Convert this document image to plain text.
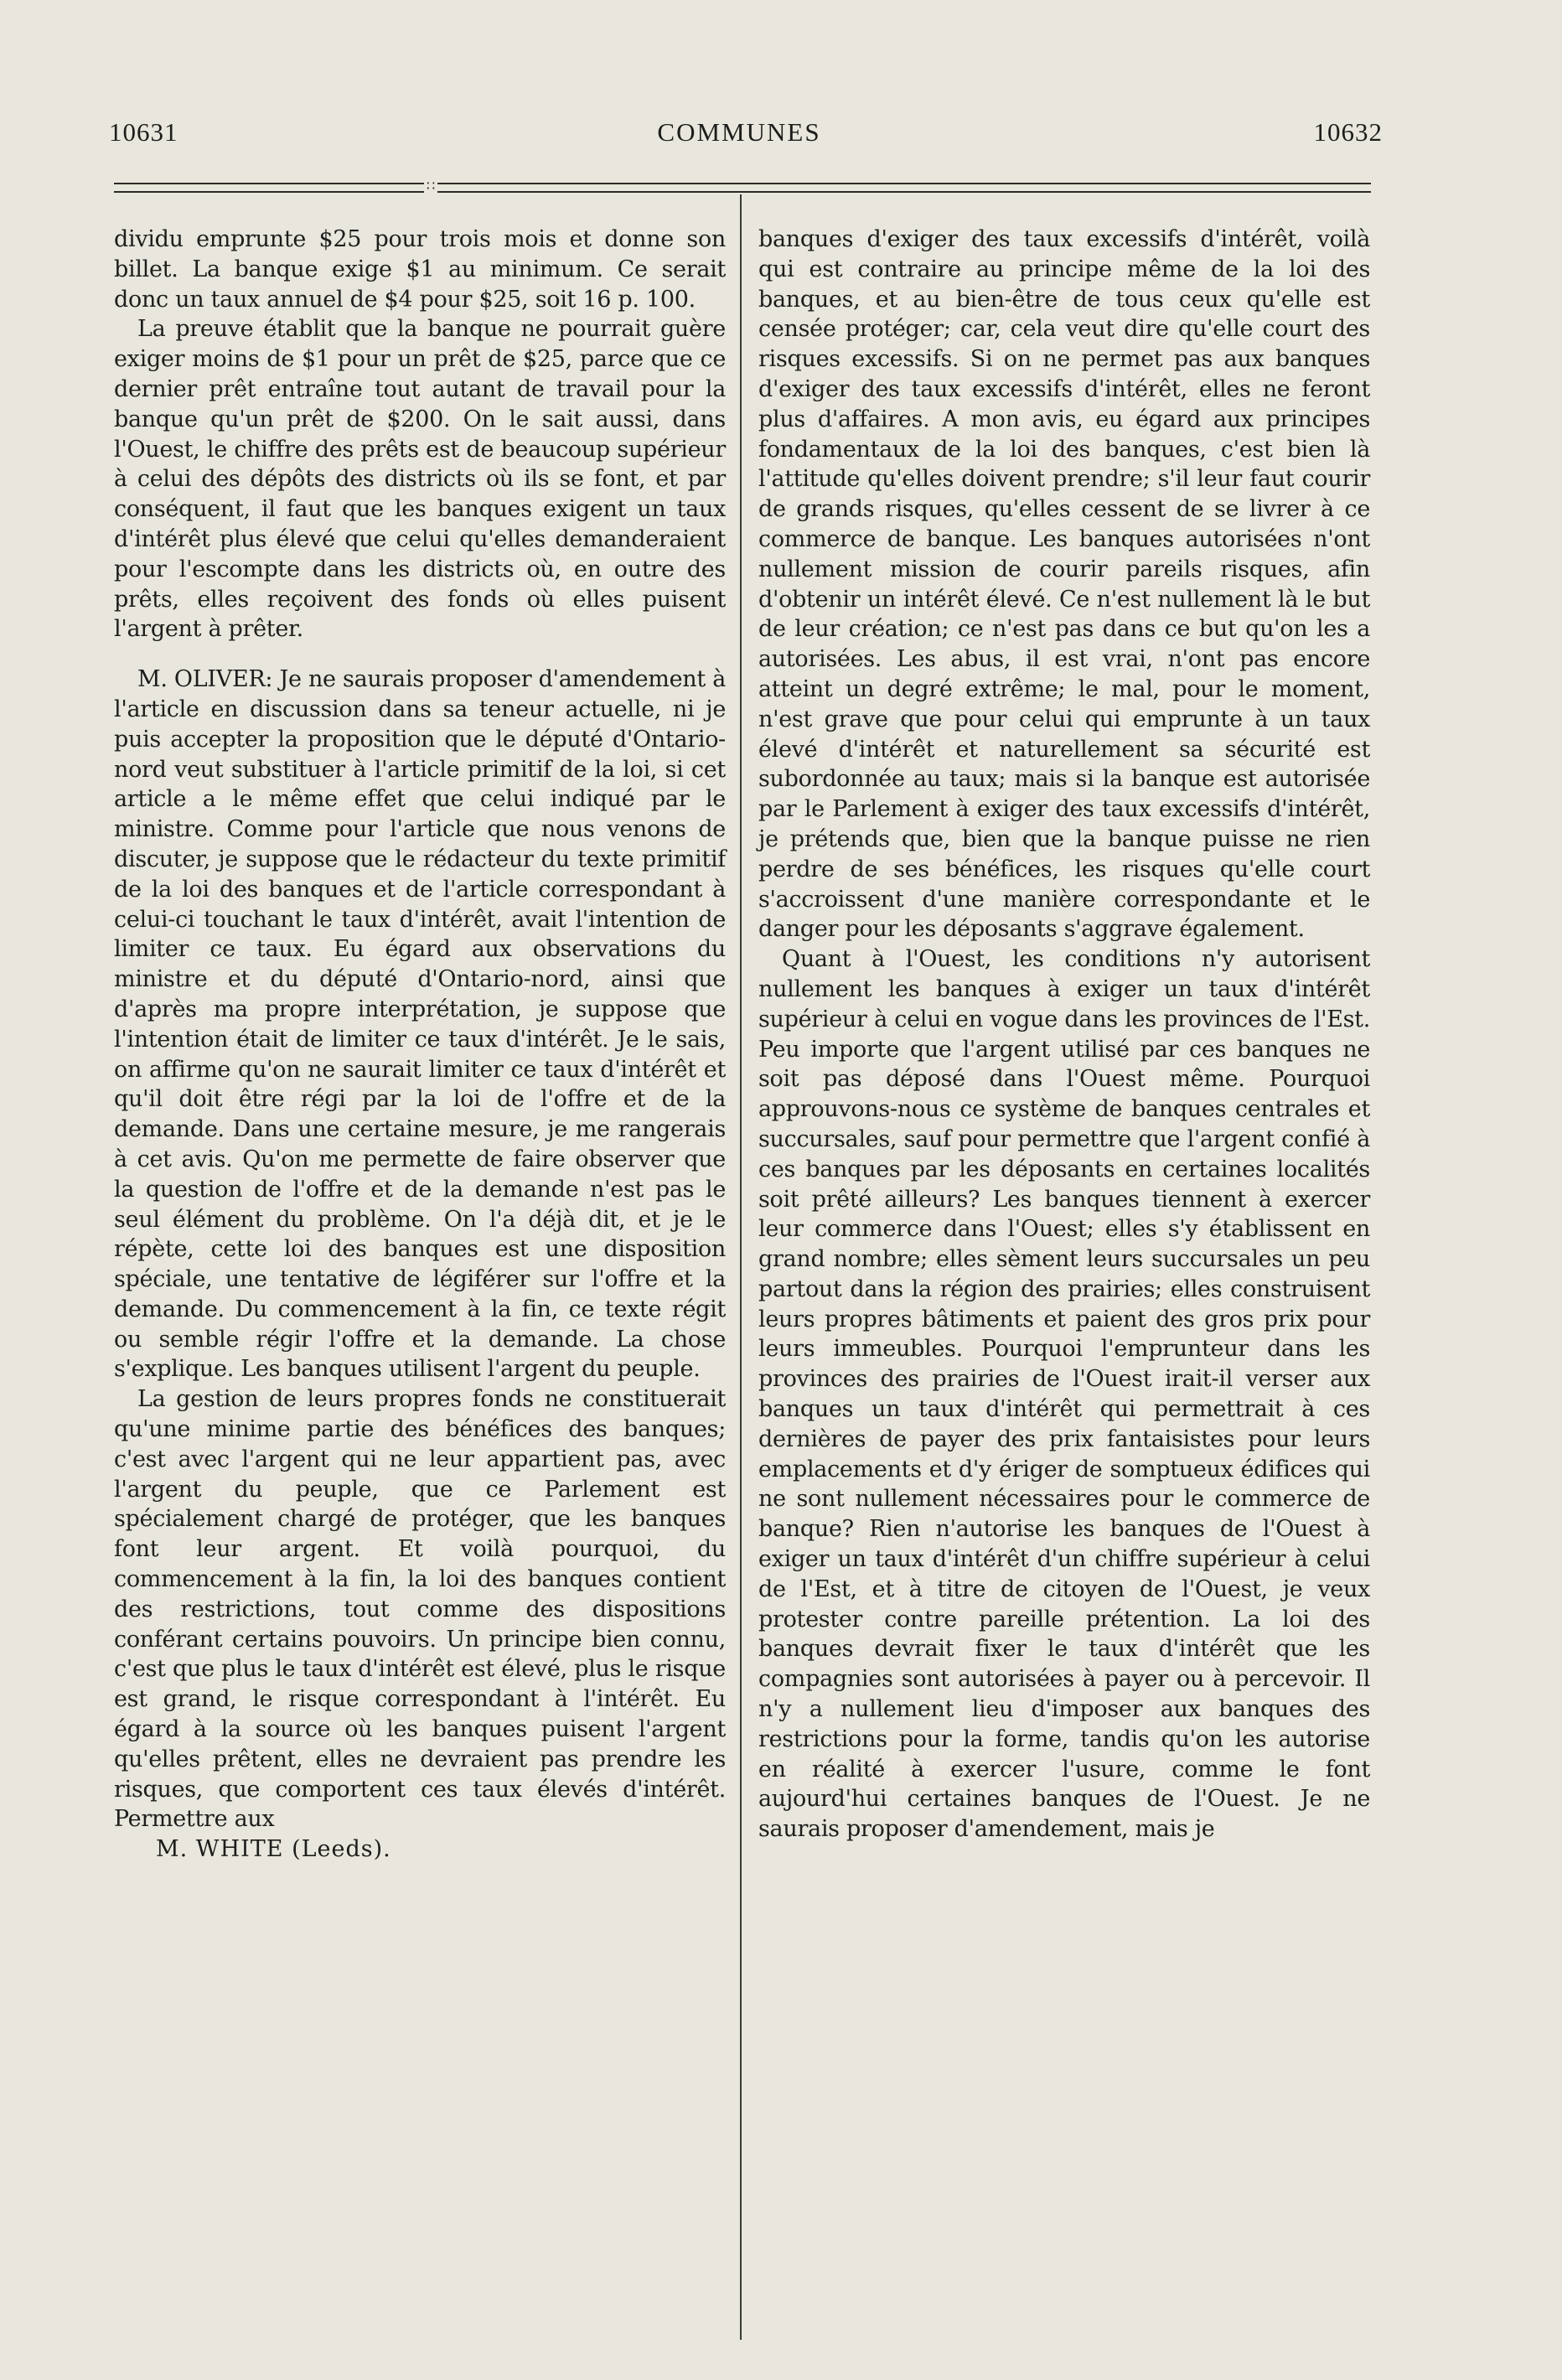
10631	COMMUNES	10632
∷

dividu emprunte $25 pour trois mois et donne son billet. La banque exige $1 au minimum. Ce serait donc un taux annuel de $4 pour $25, soit 16 p. 100.

La preuve établit que la banque ne pourrait guère exiger moins de $1 pour un prêt de $25, parce que ce dernier prêt entraîne tout autant de travail pour la banque qu'un prêt de $200. On le sait aussi, dans l'Ouest, le chiffre des prêts est de beaucoup supérieur à celui des dépôts des districts où ils se font, et par conséquent, il faut que les banques exigent un taux d'intérêt plus élevé que celui qu'elles demanderaient pour l'escompte dans les districts où, en outre des prêts, elles reçoivent des fonds où elles puisent l'argent à prêter.

M. OLIVER: Je ne saurais proposer d'amendement à l'article en discussion dans sa teneur actuelle, ni je puis accepter la proposition que le député d'Ontario-nord veut substituer à l'article primitif de la loi, si cet article a le même effet que celui indiqué par le ministre. Comme pour l'article que nous venons de discuter, je suppose que le rédacteur du texte primitif de la loi des banques et de l'article correspondant à celui-ci touchant le taux d'intérêt, avait l'intention de limiter ce taux. Eu égard aux observations du ministre et du député d'Ontario-nord, ainsi que d'après ma propre interprétation, je suppose que l'intention était de limiter ce taux d'intérêt. Je le sais, on affirme qu'on ne saurait limiter ce taux d'intérêt et qu'il doit être régi par la loi de l'offre et de la demande. Dans une certaine mesure, je me rangerais à cet avis. Qu'on me permette de faire observer que la question de l'offre et de la demande n'est pas le seul élément du problème. On l'a déjà dit, et je le répète, cette loi des banques est une disposition spéciale, une tentative de légiférer sur l'offre et la demande. Du commencement à la fin, ce texte régit ou semble régir l'offre et la demande. La chose s'explique. Les banques utilisent l'argent du peuple.

La gestion de leurs propres fonds ne constituerait qu'une minime partie des bénéfices des banques; c'est avec l'argent qui ne leur appartient pas, avec l'argent du peuple, que ce Parlement est spécialement chargé de protéger, que les banques font leur argent. Et voilà pourquoi, du commencement à la fin, la loi des banques contient des restrictions, tout comme des dispositions conférant certains pouvoirs. Un principe bien connu, c'est que plus le taux d'intérêt est élevé, plus le risque est grand, le risque correspondant à l'intérêt. Eu égard à la source où les banques puisent l'argent qu'elles prêtent, elles ne devraient pas prendre les risques, que comportent ces taux élevés d'intérêt. Permettre aux

M. WHITE (Leeds).

banques d'exiger des taux excessifs d'intérêt, voilà qui est contraire au principe même de la loi des banques, et au bien-être de tous ceux qu'elle est censée protéger; car, cela veut dire qu'elle court des risques excessifs. Si on ne permet pas aux banques d'exiger des taux excessifs d'intérêt, elles ne feront plus d'affaires. A mon avis, eu égard aux principes fondamentaux de la loi des banques, c'est bien là l'attitude qu'elles doivent prendre; s'il leur faut courir de grands risques, qu'elles cessent de se livrer à ce commerce de banque. Les banques autorisées n'ont nullement mission de courir pareils risques, afin d'obtenir un intérêt élevé. Ce n'est nullement là le but de leur création; ce n'est pas dans ce but qu'on les a autorisées. Les abus, il est vrai, n'ont pas encore atteint un degré extrême; le mal, pour le moment, n'est grave que pour celui qui emprunte à un taux élevé d'intérêt et naturellement sa sécurité est subordonnée au taux; mais si la banque est autorisée par le Parlement à exiger des taux excessifs d'intérêt, je prétends que, bien que la banque puisse ne rien perdre de ses bénéfices, les risques qu'elle court s'accroissent d'une manière correspondante et le danger pour les déposants s'aggrave également.

Quant à l'Ouest, les conditions n'y autorisent nullement les banques à exiger un taux d'intérêt supérieur à celui en vogue dans les provinces de l'Est. Peu importe que l'argent utilisé par ces banques ne soit pas déposé dans l'Ouest même. Pourquoi approuvons-nous ce système de banques centrales et succursales, sauf pour permettre que l'argent confié à ces banques par les déposants en certaines localités soit prêté ailleurs? Les banques tiennent à exercer leur commerce dans l'Ouest; elles s'y établissent en grand nombre; elles sèment leurs succursales un peu partout dans la région des prairies; elles construisent leurs propres bâtiments et paient des gros prix pour leurs immeubles. Pourquoi l'emprunteur dans les provinces des prairies de l'Ouest irait-il verser aux banques un taux d'intérêt qui permettrait à ces dernières de payer des prix fantaisistes pour leurs emplacements et d'y ériger de somptueux édifices qui ne sont nullement nécessaires pour le commerce de banque? Rien n'autorise les banques de l'Ouest à exiger un taux d'intérêt d'un chiffre supérieur à celui de l'Est, et à titre de citoyen de l'Ouest, je veux protester contre pareille prétention. La loi des banques devrait fixer le taux d'intérêt que les compagnies sont autorisées à payer ou à percevoir. Il n'y a nullement lieu d'imposer aux banques des restrictions pour la forme, tandis qu'on les autorise en réalité à exercer l'usure, comme le font aujourd'hui certaines banques de l'Ouest. Je ne saurais proposer d'amendement, mais je
